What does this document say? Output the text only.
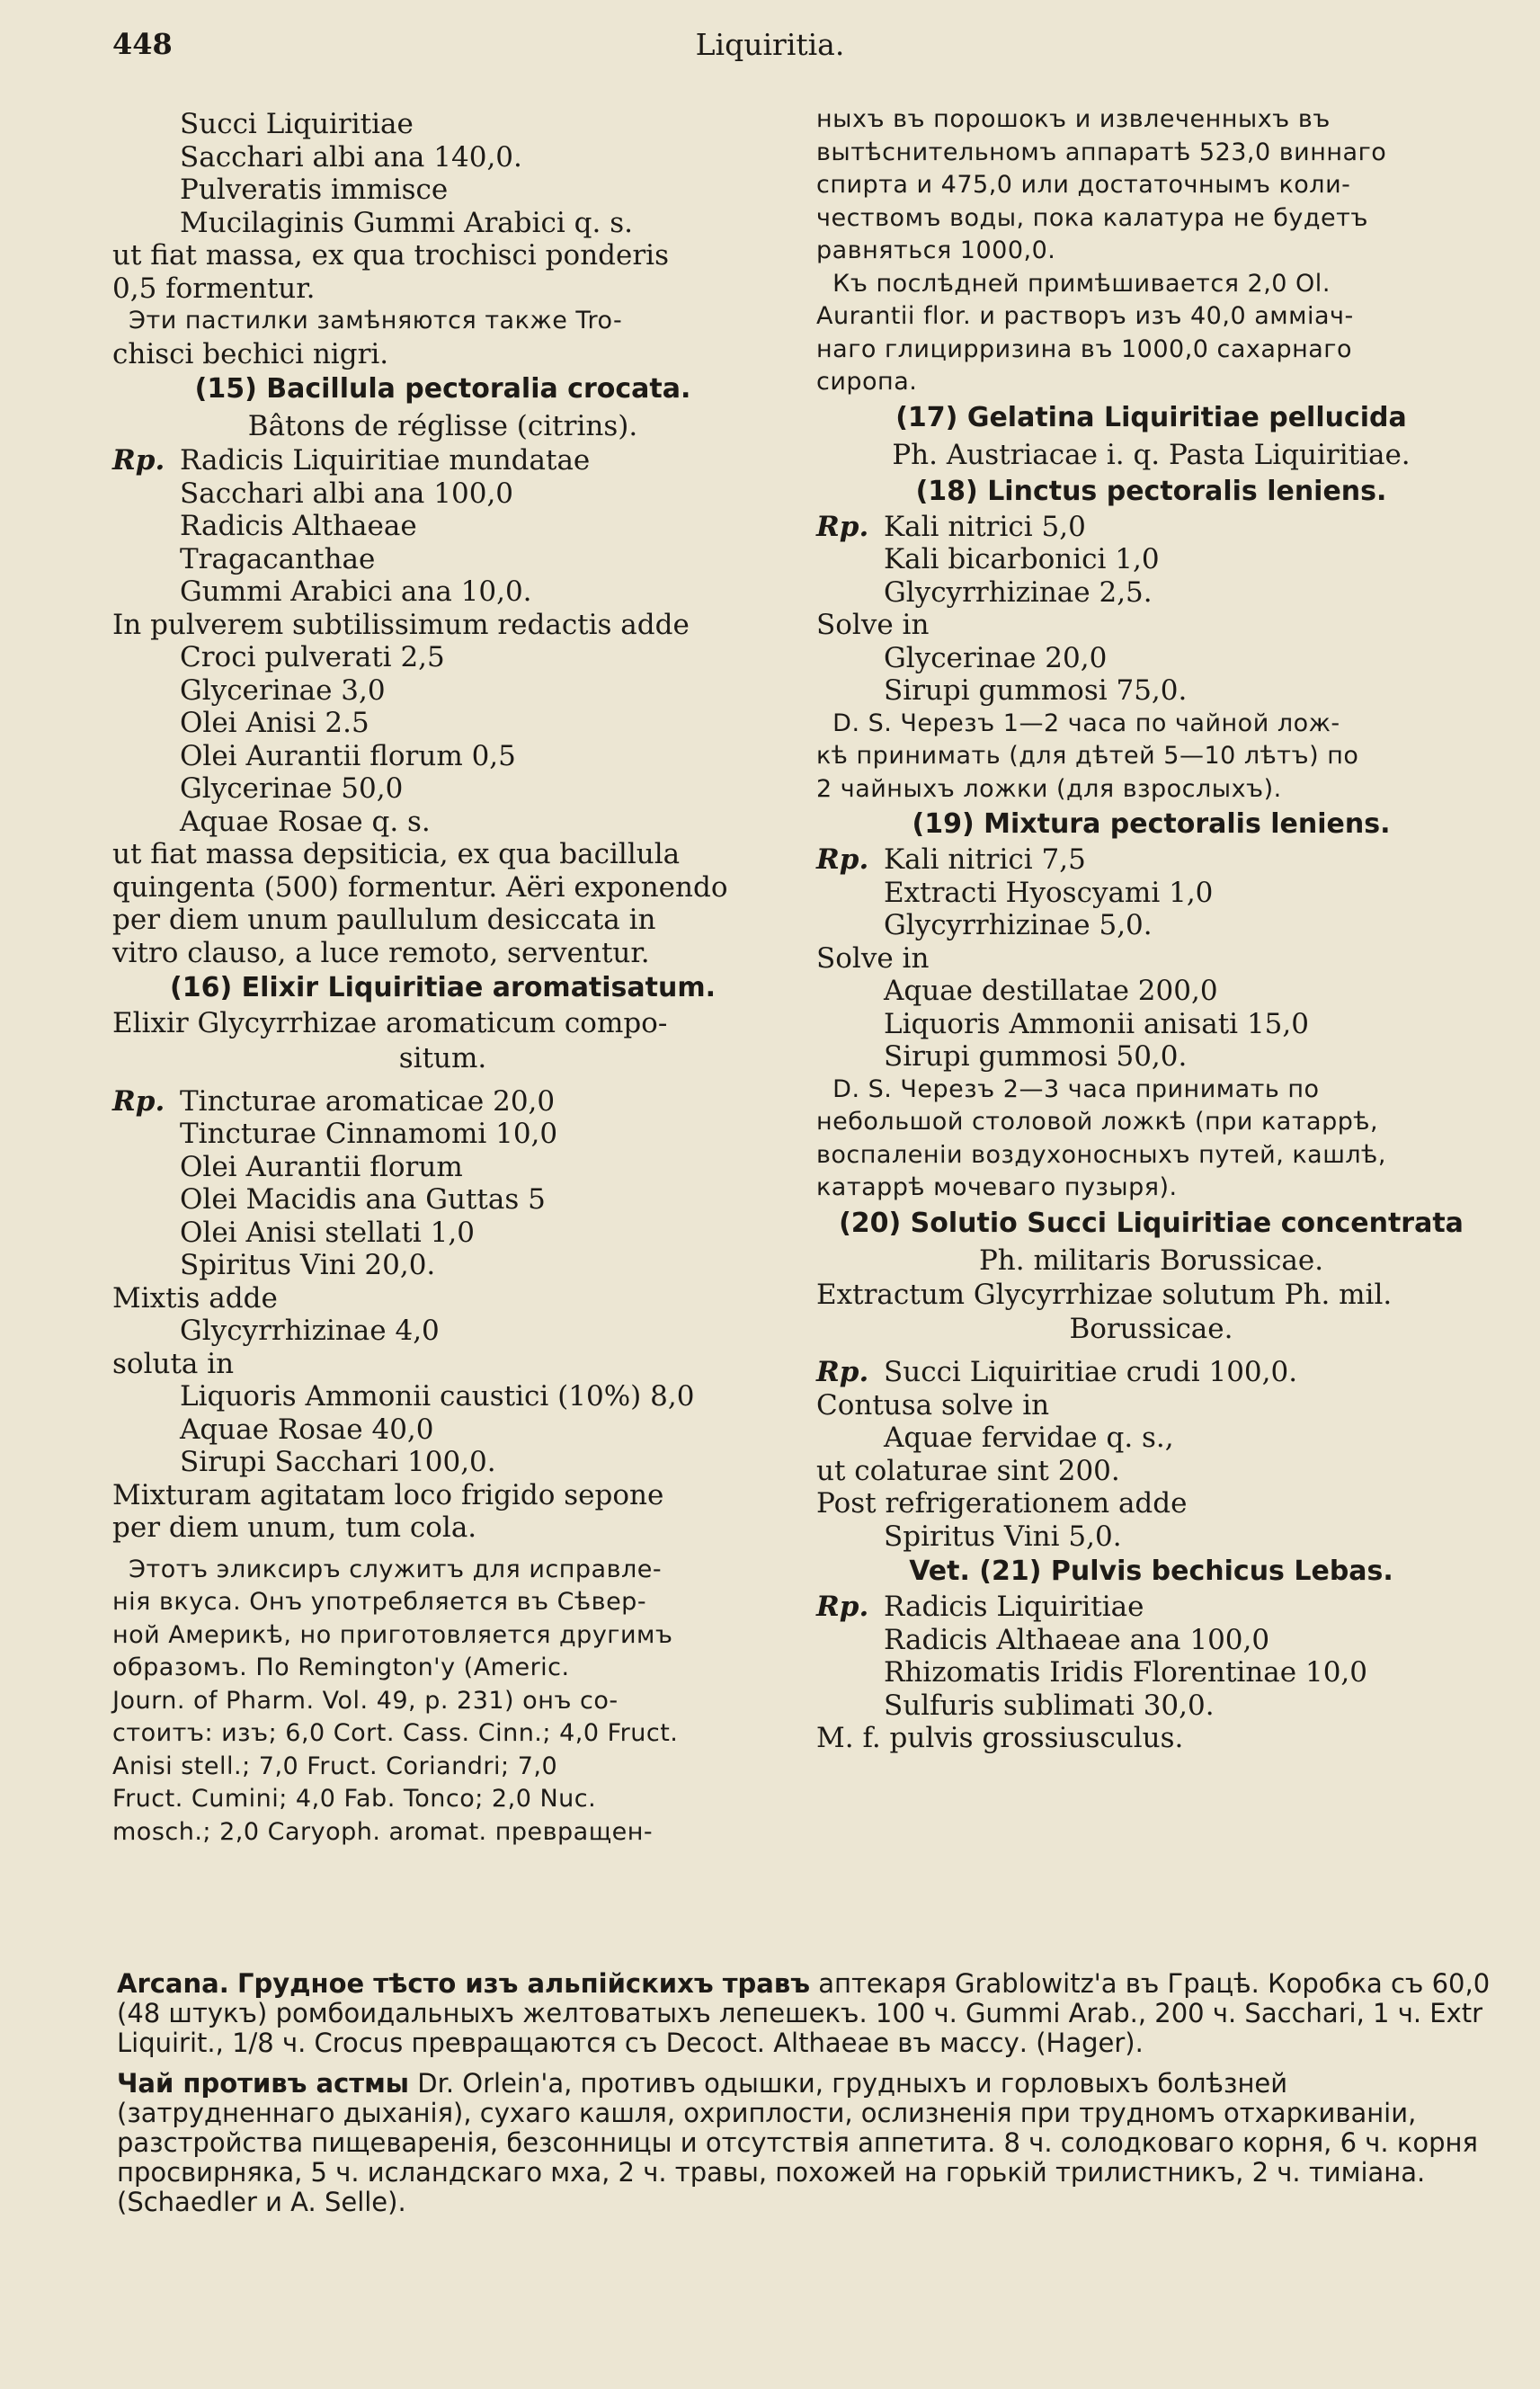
448	Liquiritia.
Succi Liquiritiae
Sacchari albi ana 140,0.
Pulveratis immisce
Mucilaginis Gummi Arabici q. s.
ut fiat massa, ex qua trochisci ponderis
0,5 formentur.
Эти пастилки замѣняются также Tro-
chisci bechici nigri.
(15) Bacillula pectoralia crocata.
Bâtons de réglisse (citrins).
Rp. Radicis Liquiritiae mundatae
Sacchari albi ana 100,0
Radicis Althaeae
Tragacanthae
Gummi Arabici ana 10,0.
In pulverem subtilissimum redactis adde
Croci pulverati 2,5
Glycerinae 3,0
Olei Anisi 2.5
Olei Aurantii florum 0,5
Glycerinae 50,0
Aquae Rosae q. s.
ut fiat massa depsiticia, ex qua bacillula
quingenta (500) formentur. Aëri exponendo
per diem unum paullulum desiccata in
vitro clauso, a luce remoto, serventur.
(16) Elixir Liquiritiae aromatisatum.
Elixir Glycyrrhizae aromaticum compo-
situm.
Rp. Tincturae aromaticae 20,0
Tincturae Cinnamomi 10,0
Olei Aurantii florum
Olei Macidis ana Guttas 5
Olei Anisi stellati 1,0
Spiritus Vini 20,0.
Mixtis adde
Glycyrrhizinae 4,0
soluta in
Liquoris Ammonii caustici (10%) 8,0
Aquae Rosae 40,0
Sirupi Sacchari 100,0.
Mixturam agitatam loco frigido sepone
per diem unum, tum cola.
Этотъ эликсиръ служитъ для исправле-
нія вкуса. Онъ употребляется въ Сѣвер-
ной Америкѣ, но приготовляется другимъ
образомъ. По Remington'y (Americ.
Journ. of Pharm. Vol. 49, p. 231) онъ со-
стоитъ: изъ; 6,0 Cort. Cass. Cinn.; 4,0 Fruct.
Anisi stell.; 7,0 Fruct. Coriandri; 7,0
Fruct. Cumini; 4,0 Fab. Tonco; 2,0 Nuc.
mosch.; 2,0 Caryoph. aromat. превращен-
ныхъ въ порошокъ и извлеченныхъ въ
вытѣснительномъ аппаратѣ 523,0 виннаго
спирта и 475,0 или достаточнымъ коли-
чествомъ воды, пока калатура не будетъ
равняться 1000,0.
Къ послѣдней примѣшивается 2,0 Ol.
Aurantii flor. и растворъ изъ 40,0 амміач-
наго глицирризина въ 1000,0 сахарнаго
сиропа.
(17) Gelatina Liquiritiae pellucida
Ph. Austriacae i. q. Pasta Liquiritiae.
(18) Linctus pectoralis leniens.
Rp. Kali nitrici 5,0
Kali bicarbonici 1,0
Glycyrrhizinae 2,5.
Solve in
Glycerinae 20,0
Sirupi gummosi 75,0.
D. S. Черезъ 1—2 часа по чайной лож-
кѣ принимать (для дѣтей 5—10 лѣтъ) по
2 чайныхъ ложки (для взрослыхъ).
(19) Mixtura pectoralis leniens.
Rp. Kali nitrici 7,5
Extracti Hyoscyami 1,0
Glycyrrhizinae 5,0.
Solve in
Aquae destillatae 200,0
Liquoris Ammonii anisati 15,0
Sirupi gummosi 50,0.
D. S. Черезъ 2—3 часа принимать по
небольшой столовой ложкѣ (при катаррѣ,
воспаленіи воздухоносныхъ путей, кашлѣ,
катаррѣ мочеваго пузыря).
(20) Solutio Succi Liquiritiae concentrata
Ph. militaris Borussicae.
Extractum Glycyrrhizae solutum Ph. mil.
Borussicae.
Rp. Succi Liquiritiae crudi 100,0.
Contusa solve in
Aquae fervidae q. s.,
ut colaturae sint 200.
Post refrigerationem adde
Spiritus Vini 5,0.
Vet. (21) Pulvis bechicus Lebas.
Rp. Radicis Liquiritiae
Radicis Althaeae ana 100,0
Rhizomatis Iridis Florentinae 10,0
Sulfuris sublimati 30,0.
M. f. pulvis grossiusculus.

Arcana. Грудное тѣсто изъ альпійскихъ травъ аптекаря Grablowitz'a въ Грацѣ. Коробка съ 60,0 (48 штукъ) ромбоидальныхъ желтоватыхъ лепешекъ. 100 ч. Gummi Arab., 200 ч. Sacchari, 1 ч. Extr Liquirit., 1/8 ч. Crocus превращаются съ Decoct. Althaeae въ массу. (Hager).

Чай противъ астмы Dr. Orlein'a, противъ одышки, грудныхъ и горловыхъ болѣзней (затрудненнаго дыханія), сухаго кашля, охриплости, ослизненія при трудномъ отхаркиваніи, разстройства пищеваренія, безсонницы и отсутствія аппетита. 8 ч. солодковаго корня, 6 ч. корня просвирняка, 5 ч. исландскаго мха, 2 ч. травы, похожей на горькій трилистникъ, 2 ч. тиміана. (Schaedler и A. Selle).
